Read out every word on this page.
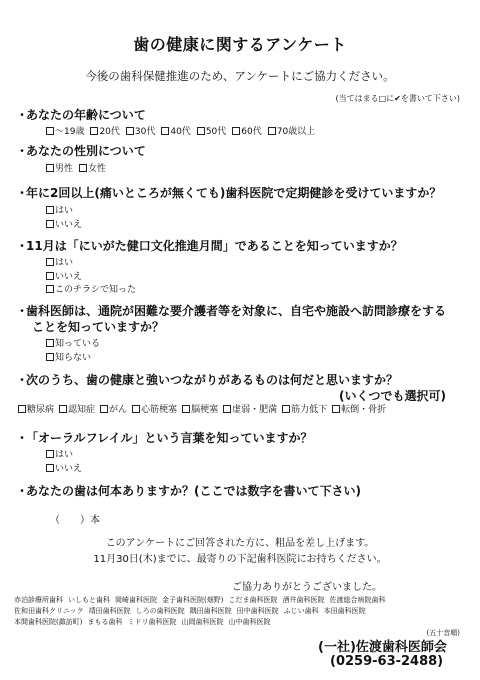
歯の健康に関するアンケート
今後の歯科保健推進のため、アンケートにご協力ください。
(当てはまる□に✔を書いて下さい)
・あなたの年齢について
～19歳 20代 30代 40代 50代 60代 70歳以上
・あなたの性別について
男性 女性
・年に2回以上(痛いところが無くても)歯科医院で定期健診を受けていますか？
はい
いいえ
・11月は「にいがた健口文化推進月間」であることを知っていますか？
はい
いいえ
このチラシで知った
・歯科医師は、通院が困難な要介護者等を対象に、自宅や施設へ訪問診療をする
ことを知っていますか？
知っている
知らない
・次のうち、歯の健康と強いつながりがあるものは何だと思いますか？
(いくつでも選択可)
糖尿病 認知症 がん 心筋梗塞 脳梗塞 虚弱・肥満 筋力低下 転倒・骨折
・「オーラルフレイル」という言葉を知っていますか？
はい
いいえ
・あなたの歯は何本ありますか？(ここでは数字を書いて下さい)
（　　）本
このアンケートにご回答された方に、粗品を差し上げます。
11月30日(木)までに、最寄りの下記歯科医院にお持ちください。
ご協力ありがとうございました。
赤泊診療所歯科 いしもと歯科 岡崎歯科医院 金子歯科医院(畑野) こだま歯科医院 酒井歯科医院 佐渡総合病院歯科
佐和田歯科クリニック 靖田歯科医院 しろの歯科医院 隅田歯科医院 田中歯科医院 ふじい歯科 本田歯科医院
本間歯科医院(諏訪町) まもる歯科 ミドリ歯科医院 山岡歯科医院 山中歯科医院
(五十音順)
(一社)佐渡歯科医師会
(0259-63-2488)
